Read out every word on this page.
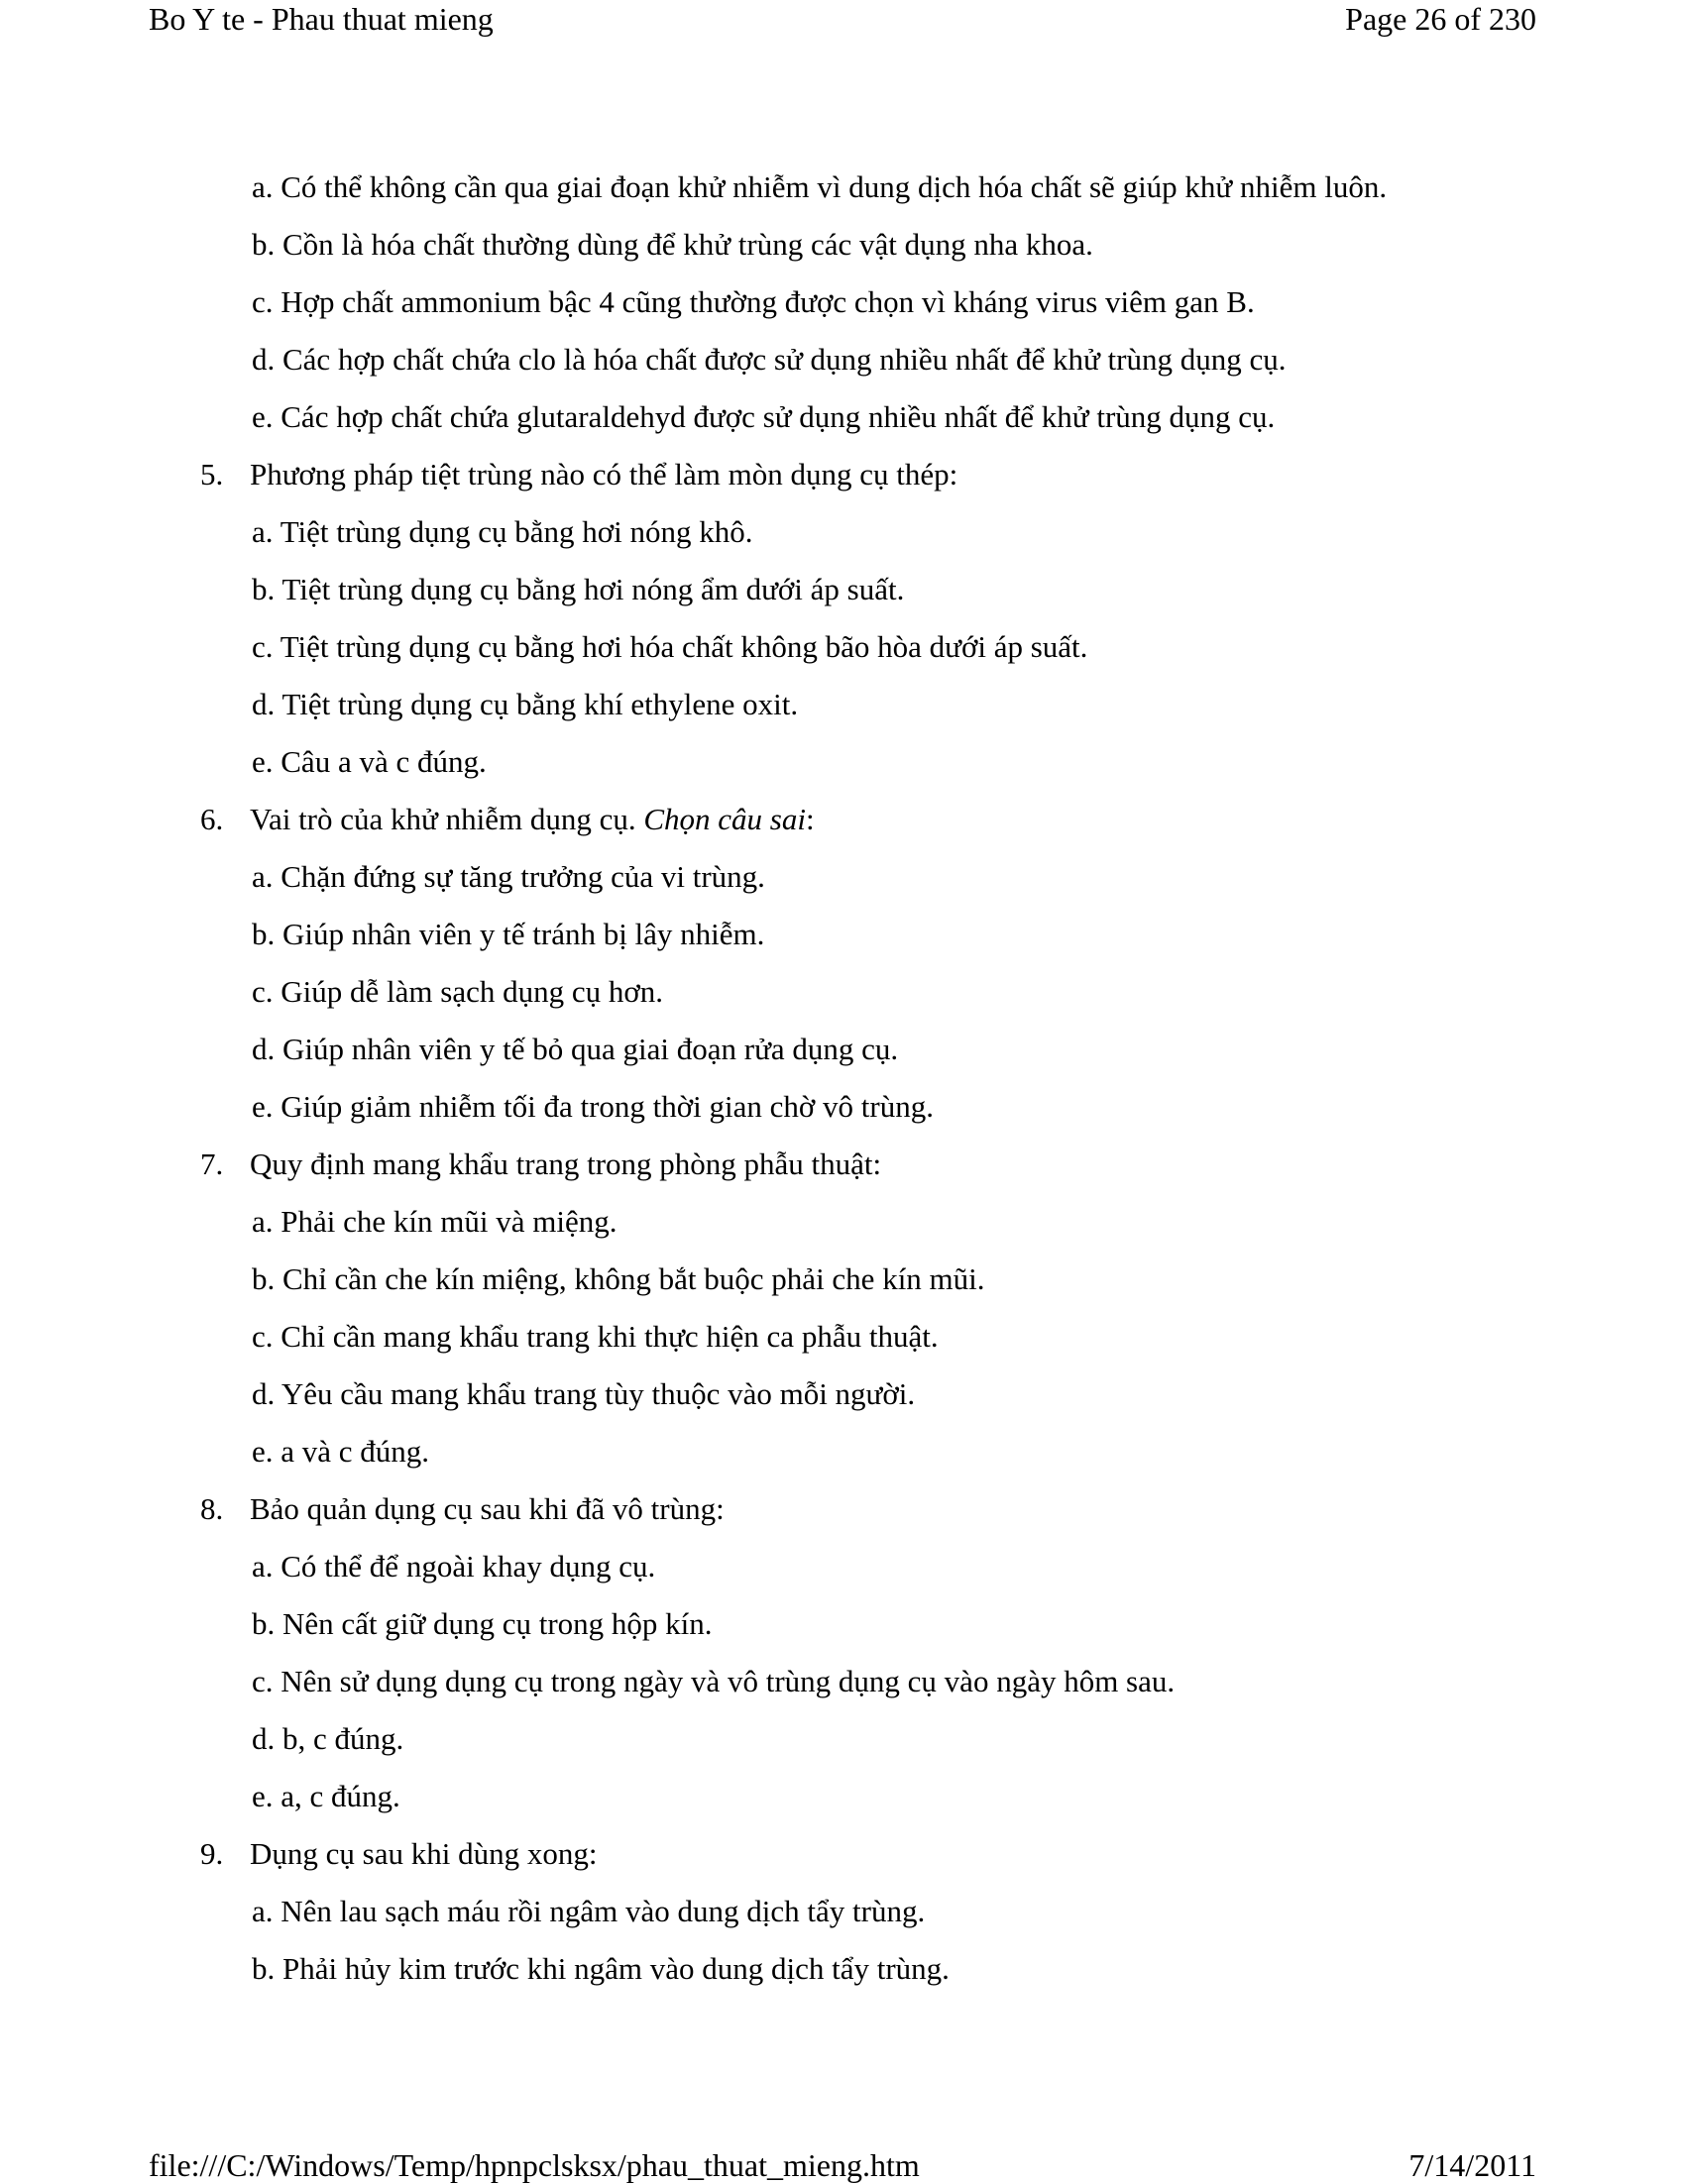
Bo Y te - Phau thuat mieng	Page 26 of 230
a. Có thể không cần qua giai đoạn khử nhiễm vì dung dịch hóa chất sẽ giúp khử nhiễm luôn.
b. Cồn là hóa chất thường dùng để khử trùng các vật dụng nha khoa.
c. Hợp chất ammonium bậc 4 cũng thường được chọn vì kháng virus viêm gan B.
d. Các hợp chất chứa clo là hóa chất được sử dụng nhiều nhất để khử trùng dụng cụ.
e. Các hợp chất chứa glutaraldehyd được sử dụng nhiều nhất để khử trùng dụng cụ.
5. Phương pháp tiệt trùng nào có thể làm mòn dụng cụ thép:
a. Tiệt trùng dụng cụ bằng hơi nóng khô.
b. Tiệt trùng dụng cụ bằng hơi nóng ẩm dưới áp suất.
c. Tiệt trùng dụng cụ bằng hơi hóa chất không bão hòa dưới áp suất.
d. Tiệt trùng dụng cụ bằng khí ethylene oxit.
e. Câu a và c đúng.
6. Vai trò của khử nhiễm dụng cụ. Chọn câu sai:
a. Chặn đứng sự tăng trưởng của vi trùng.
b. Giúp nhân viên y tế tránh bị lây nhiễm.
c. Giúp dễ làm sạch dụng cụ hơn.
d. Giúp nhân viên y tế bỏ qua giai đoạn rửa dụng cụ.
e. Giúp giảm nhiễm tối đa trong thời gian chờ vô trùng.
7. Quy định mang khẩu trang trong phòng phẫu thuật:
a. Phải che kín mũi và miệng.
b. Chỉ cần che kín miệng, không bắt buộc phải che kín mũi.
c. Chỉ cần mang khẩu trang khi thực hiện ca phẫu thuật.
d. Yêu cầu mang khẩu trang tùy thuộc vào mỗi người.
e. a và c đúng.
8. Bảo quản dụng cụ sau khi đã vô trùng:
a. Có thể để ngoài khay dụng cụ.
b. Nên cất giữ dụng cụ trong hộp kín.
c. Nên sử dụng dụng cụ trong ngày và vô trùng dụng cụ vào ngày hôm sau.
d. b, c đúng.
e. a, c đúng.
9. Dụng cụ sau khi dùng xong:
a. Nên lau sạch máu rồi ngâm vào dung dịch tẩy trùng.
b. Phải hủy kim trước khi ngâm vào dung dịch tẩy trùng.
file:///C:/Windows/Temp/hpnpclsksx/phau_thuat_mieng.htm	7/14/2011
